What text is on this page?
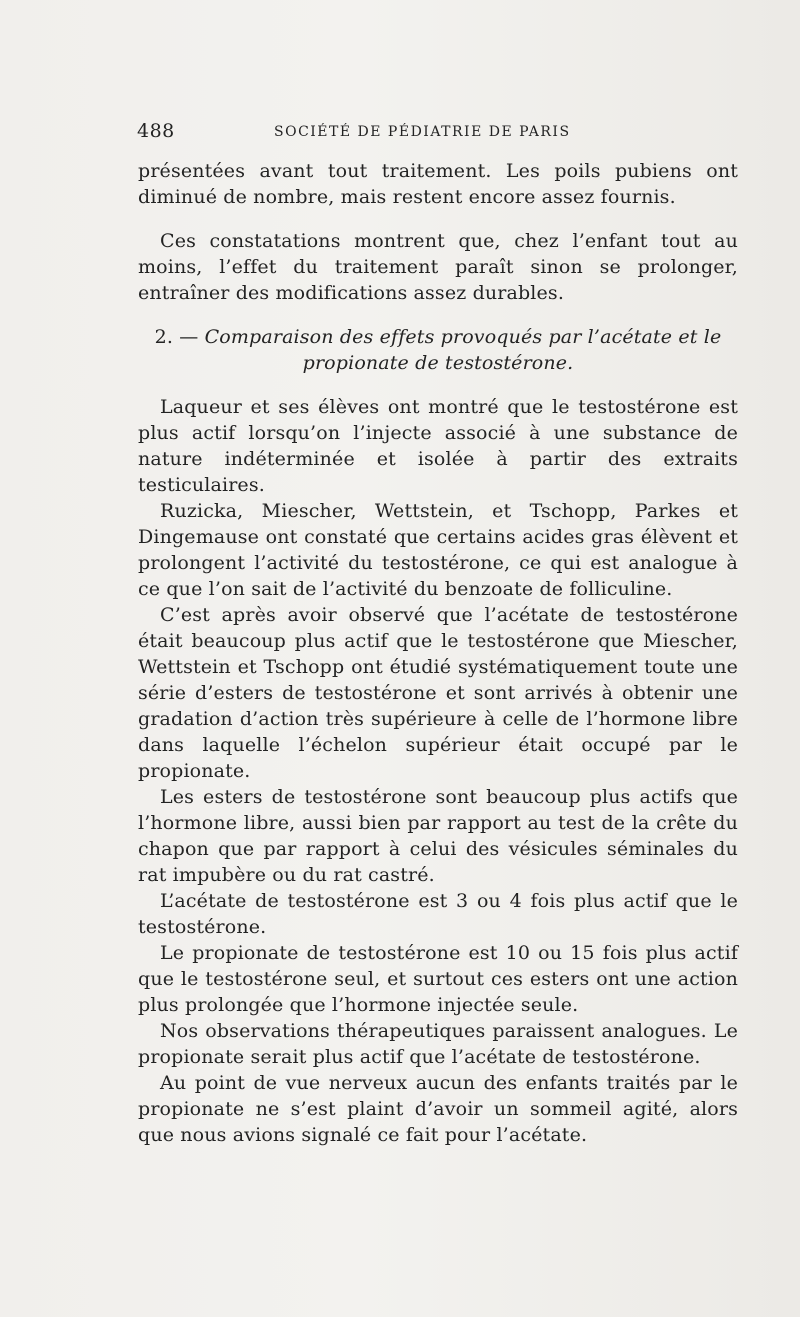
488	SOCIÉTÉ DE PÉDIATRIE DE PARIS

présentées avant tout traitement. Les poils pubiens ont diminué de nombre, mais restent encore assez fournis.

Ces constatations montrent que, chez l’enfant tout au moins, l’effet du traitement paraît sinon se prolonger, entraîner des modifications assez durables.

2. — Comparaison des effets provoqués par l’acétate et le propionate de testostérone.

Laqueur et ses élèves ont montré que le testostérone est plus actif lorsqu’on l’injecte associé à une substance de nature indéterminée et isolée à partir des extraits testiculaires.

Ruzicka, Miescher, Wettstein, et Tschopp, Parkes et Dingemause ont constaté que certains acides gras élèvent et prolongent l’activité du testostérone, ce qui est analogue à ce que l’on sait de l’activité du benzoate de folliculine.

C’est après avoir observé que l’acétate de testostérone était beaucoup plus actif que le testostérone que Miescher, Wettstein et Tschopp ont étudié systématiquement toute une série d’esters de testostérone et sont arrivés à obtenir une gradation d’action très supérieure à celle de l’hormone libre dans laquelle l’échelon supérieur était occupé par le propionate.

Les esters de testostérone sont beaucoup plus actifs que l’hormone libre, aussi bien par rapport au test de la crête du chapon que par rapport à celui des vésicules séminales du rat impubère ou du rat castré.

L’acétate de testostérone est 3 ou 4 fois plus actif que le testostérone.

Le propionate de testostérone est 10 ou 15 fois plus actif que le testostérone seul, et surtout ces esters ont une action plus prolongée que l’hormone injectée seule.

Nos observations thérapeutiques paraissent analogues. Le propionate serait plus actif que l’acétate de testostérone.

Au point de vue nerveux aucun des enfants traités par le propionate ne s’est plaint d’avoir un sommeil agité, alors que nous avions signalé ce fait pour l’acétate.
